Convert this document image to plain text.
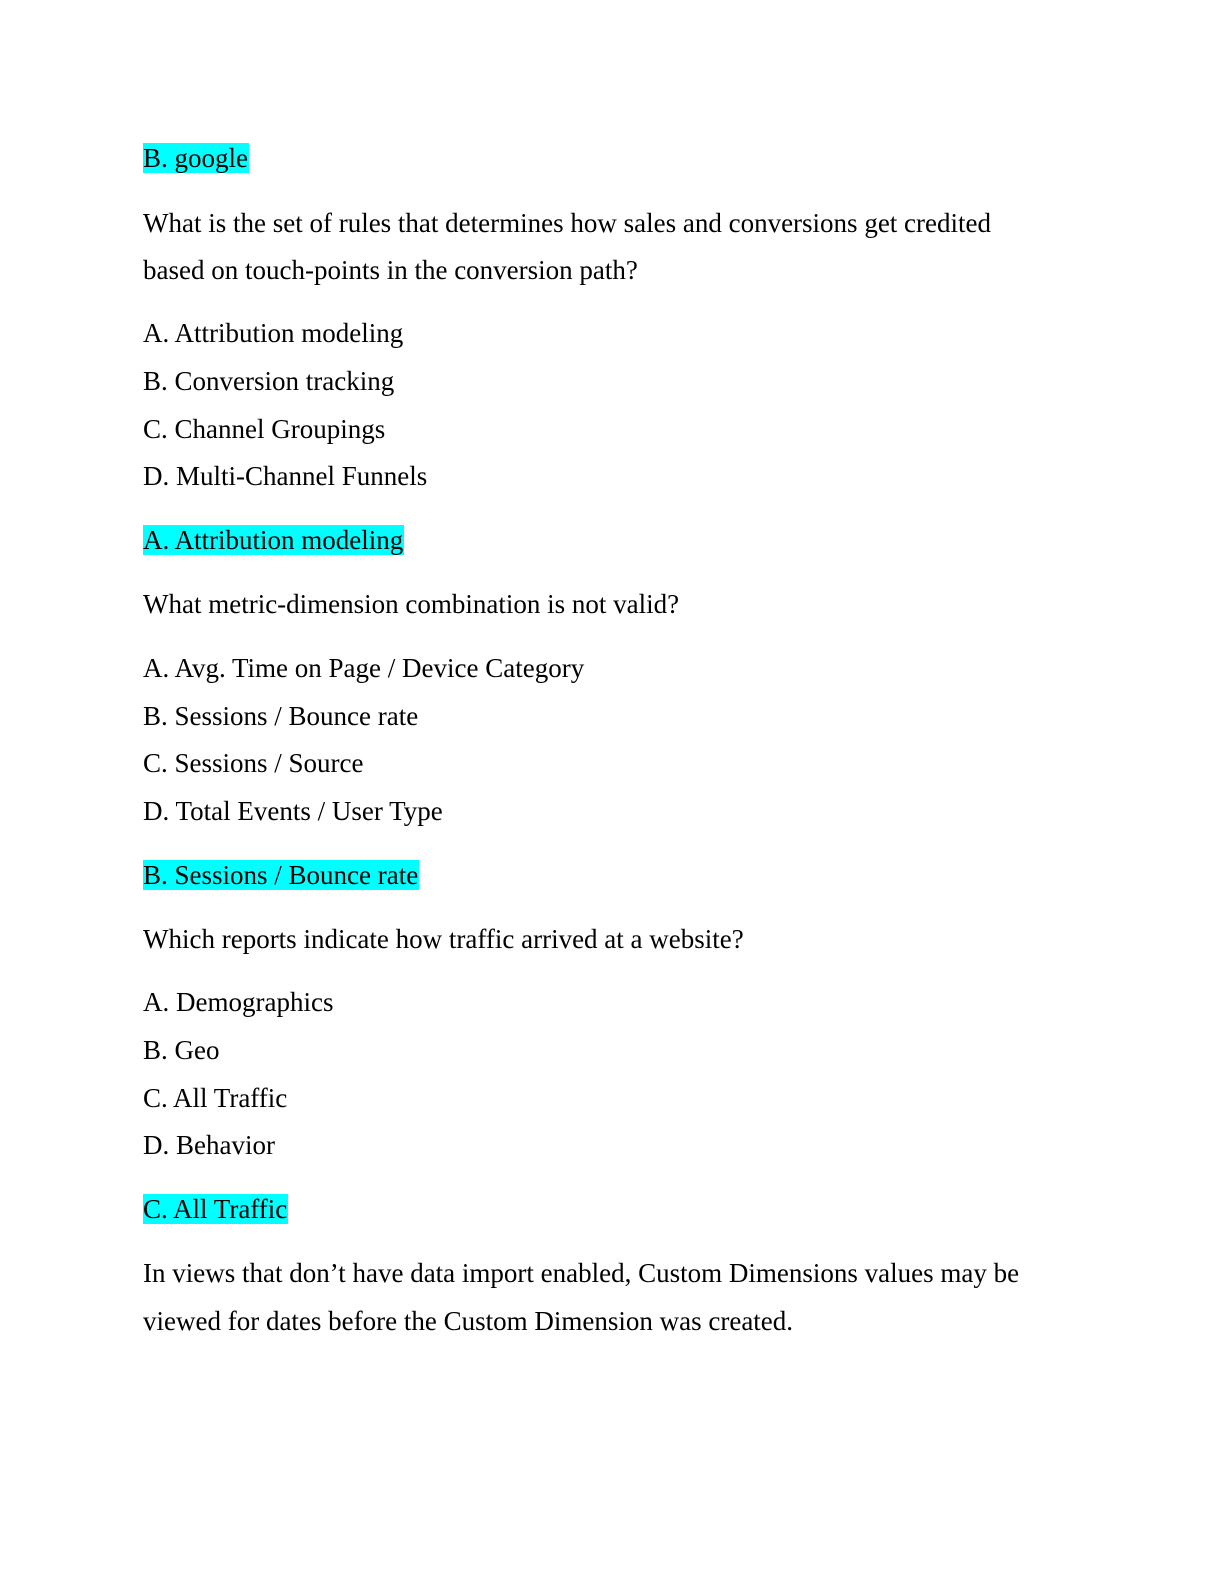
B. google
What is the set of rules that determines how sales and conversions get credited
based on touch-points in the conversion path?
A. Attribution modeling
B. Conversion tracking
C. Channel Groupings
D. Multi-Channel Funnels
A. Attribution modeling
What metric-dimension combination is not valid?
A. Avg. Time on Page / Device Category
B. Sessions / Bounce rate
C. Sessions / Source
D. Total Events / User Type
B. Sessions / Bounce rate
Which reports indicate how traffic arrived at a website?
A. Demographics
B. Geo
C. All Traffic
D. Behavior
C. All Traffic
In views that don’t have data import enabled, Custom Dimensions values may be
viewed for dates before the Custom Dimension was created.
